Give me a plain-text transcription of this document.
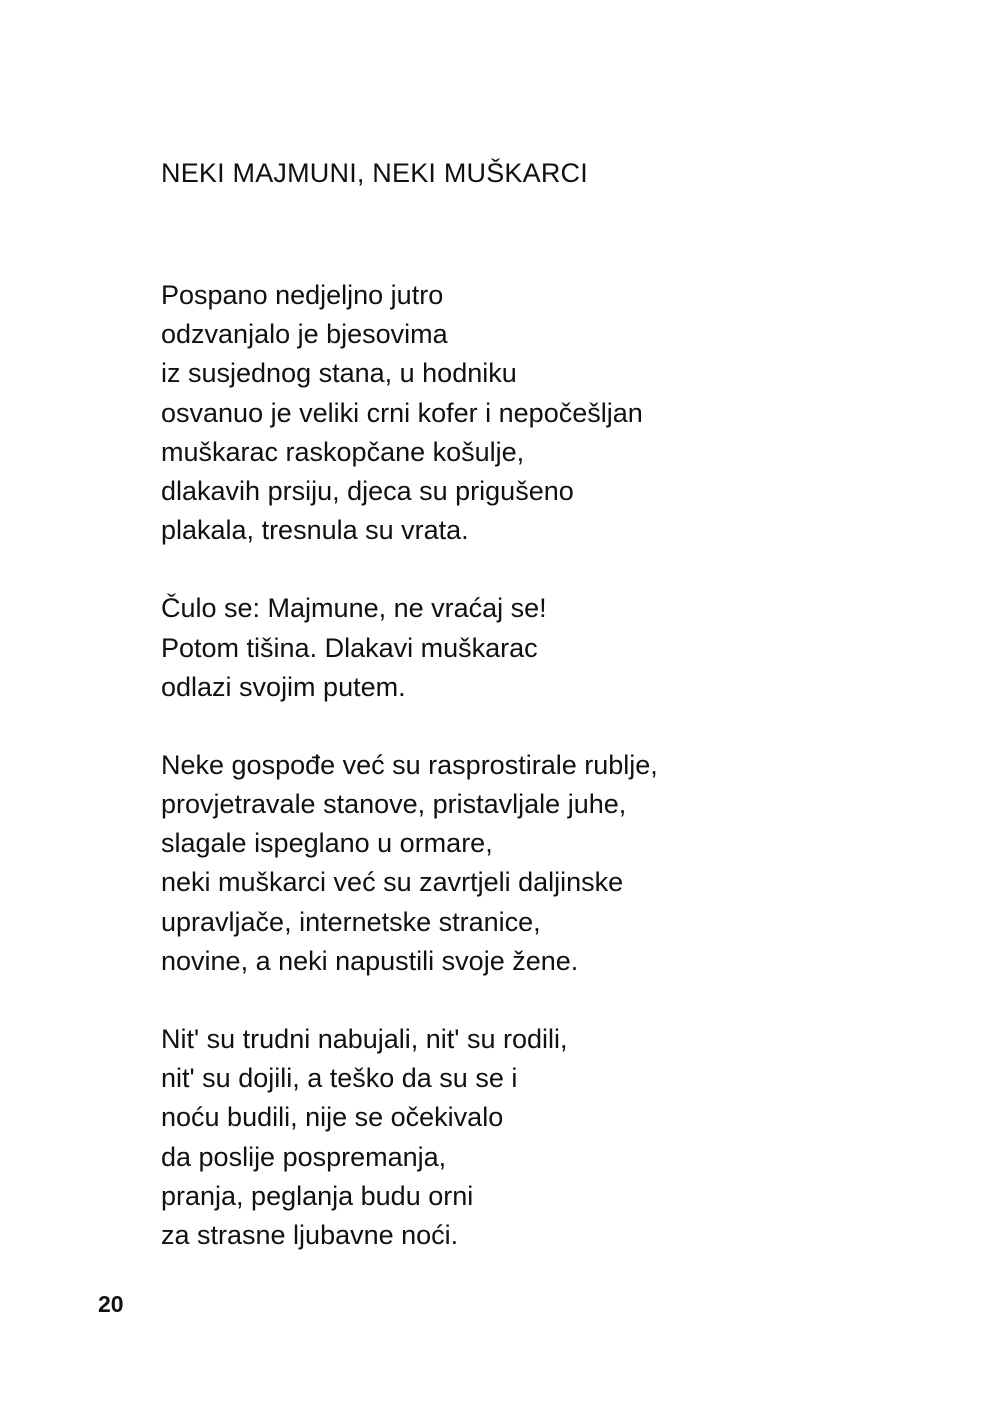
NEKI MAJMUNI, NEKI MUŠKARCI
Pospano nedjeljno jutro
odzvanjalo je bjesovima
iz susjednog stana, u hodniku
osvanuo je veliki crni kofer i nepočešljan
muškarac raskopčane košulje,
dlakavih prsiju, djeca su prigušeno
plakala, tresnula su vrata.
Čulo se: Majmune, ne vraćaj se!
Potom tišina. Dlakavi muškarac
odlazi svojim putem.
Neke gospođe već su rasprostirale rublje,
provjetravale stanove, pristavljale juhe,
slagale ispeglano u ormare,
neki muškarci već su zavrtjeli daljinske
upravljače, internetske stranice,
novine, a neki napustili svoje žene.
Nit' su trudni nabujali, nit' su rodili,
nit' su dojili, a teško da su se i
noću budili, nije se očekivalo
da poslije pospremanja,
pranja, peglanja budu orni
za strasne ljubavne noći.
20
